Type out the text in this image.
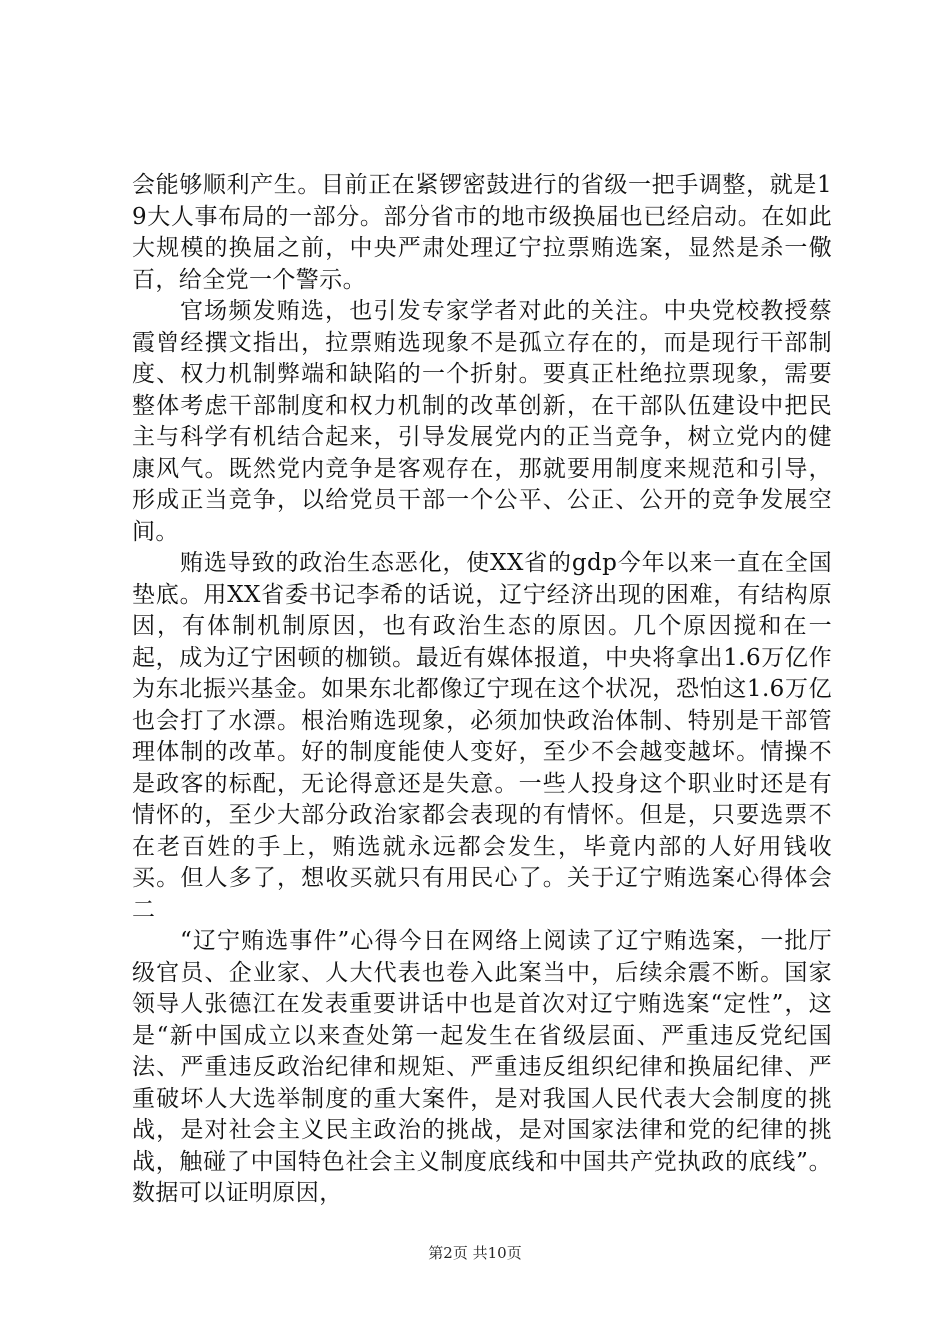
会能够顺利产生。目前正在紧锣密鼓进行的省级一把手调整，就是19大人事布局的一部分。部分省市的地市级换届也已经启动。在如此大规模的换届之前，中央严肃处理辽宁拉票贿选案，显然是杀一儆百，给全党一个警示。

官场频发贿选，也引发专家学者对此的关注。中央党校教授蔡霞曾经撰文指出，拉票贿选现象不是孤立存在的，而是现行干部制度、权力机制弊端和缺陷的一个折射。要真正杜绝拉票现象，需要整体考虑干部制度和权力机制的改革创新，在干部队伍建设中把民主与科学有机结合起来，引导发展党内的正当竞争，树立党内的健康风气。既然党内竞争是客观存在，那就要用制度来规范和引导，形成正当竞争，以给党员干部一个公平、公正、公开的竞争发展空间。

贿选导致的政治生态恶化，使XX省的gdp今年以来一直在全国垫底。用XX省委书记李希的话说，辽宁经济出现的困难，有结构原因，有体制机制原因，也有政治生态的原因。几个原因搅和在一起，成为辽宁困顿的枷锁。最近有媒体报道，中央将拿出1.6万亿作为东北振兴基金。如果东北都像辽宁现在这个状况，恐怕这1.6万亿也会打了水漂。根治贿选现象，必须加快政治体制、特别是干部管理体制的改革。好的制度能使人变好，至少不会越变越坏。情操不是政客的标配，无论得意还是失意。一些人投身这个职业时还是有情怀的，至少大部分政治家都会表现的有情怀。但是，只要选票不在老百姓的手上，贿选就永远都会发生，毕竟内部的人好用钱收买。但人多了，想收买就只有用民心了。关于辽宁贿选案心得体会二

“辽宁贿选事件”心得今日在网络上阅读了辽宁贿选案，一批厅级官员、企业家、人大代表也卷入此案当中，后续余震不断。国家领导人张德江在发表重要讲话中也是首次对辽宁贿选案“定性”，这是“新中国成立以来查处第一起发生在省级层面、严重违反党纪国法、严重违反政治纪律和规矩、严重违反组织纪律和换届纪律、严重破坏人大选举制度的重大案件，是对我国人民代表大会制度的挑战，是对社会主义民主政治的挑战，是对国家法律和党的纪律的挑战，触碰了中国特色社会主义制度底线和中国共产党执政的底线”。数据可以证明原因，

第2页 共10页
